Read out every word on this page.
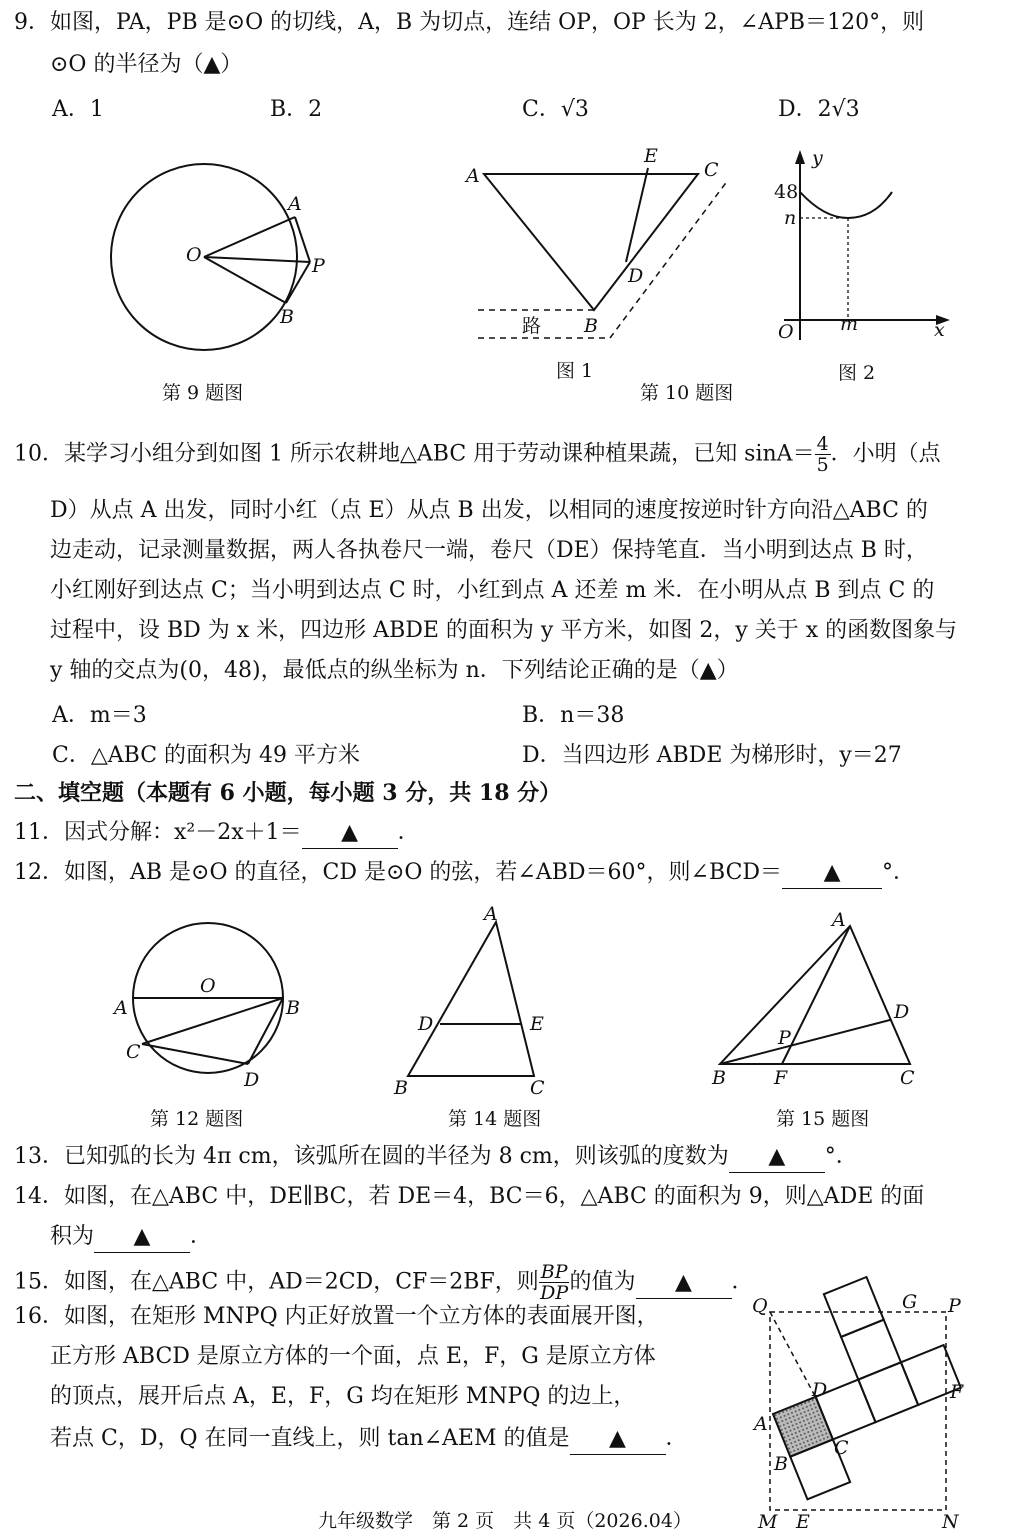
9．如图，PA，PB 是⊙O 的切线，A，B 为切点，连结 OP，OP 长为 2，∠APB＝120°，则
⊙O 的半径为（▲）
A．1	B．2	C．√3	D．2√3
A
O	P
B
第 9 题图
A
E
C
D
路 B
图 1
第 10 题图
y
48
n
O m	x
图 2
10．某学习小组分到如图 1 所示农耕地△ABC 用于劳动课种植果蔬，已知 $\sin A= \frac{4}{5}$ ．小明（点
D）从点 A 出发，同时小红（点 E）从点 B 出发，以相同的速度按逆时针方向沿△ABC 的
边走动，记录测量数据，两人各执卷尺一端，卷尺（DE）保持笔直．当小明到达点 B 时，
小红刚好到达点 C；当小明到达点 C 时，小红到点 A 还差 m 米．在小明从点 B 到点 C 的
过程中，设 BD 为 x 米，四边形 ABDE 的面积为 y 平方米，如图 2，y 关于 x 的函数图象与
y 轴的交点为(0，48)，最低点的纵坐标为 n．下列结论正确的是（▲）
A．m＝3	B．n＝38
C．△ABC 的面积为 49 平方米	D．当四边形 ABDE 为梯形时，y＝27
二、填空题（本题有 6 小题，每小题 3 分，共 18 分）
11．因式分解：x²－2x＋1＝ ▲ ．
12．如图，AB 是⊙O 的直径，CD 是⊙O 的弦，若∠ABD＝60°，则∠BCD＝ ▲ °．
O
A	B
C
D
第 12 题图
A
D	E
B	C
第 14 题图
A
D
P
B	F	C
第 15 题图
13．已知弧的长为 4π cm，该弧所在圆的半径为 8 cm，则该弧的度数为 ▲ °．
14．如图，在△ABC 中，DE∥BC，若 DE＝4，BC＝6，△ABC 的面积为 9，则△ADE 的面
积为 ▲ ．
15．如图，在△ABC 中，AD＝2CD，CF＝2BF，则 $\frac{BP}{DP}$ 的值为 ▲ ．
16．如图，在矩形 MNPQ 内正好放置一个立方体的表面展开图，
正方形 ABCD 是原立方体的一个面，点 E，F，G 是原立方体
的顶点，展开后点 A，E，F，G 均在矩形 MNPQ 的边上，
若点 C，D，Q 在同一直线上，则 tan∠AEM 的值是 ▲ ．
Q	G P
D	F
A
C
B
M E	N
九年级数学　第 2 页　共 4 页（2026.04）
